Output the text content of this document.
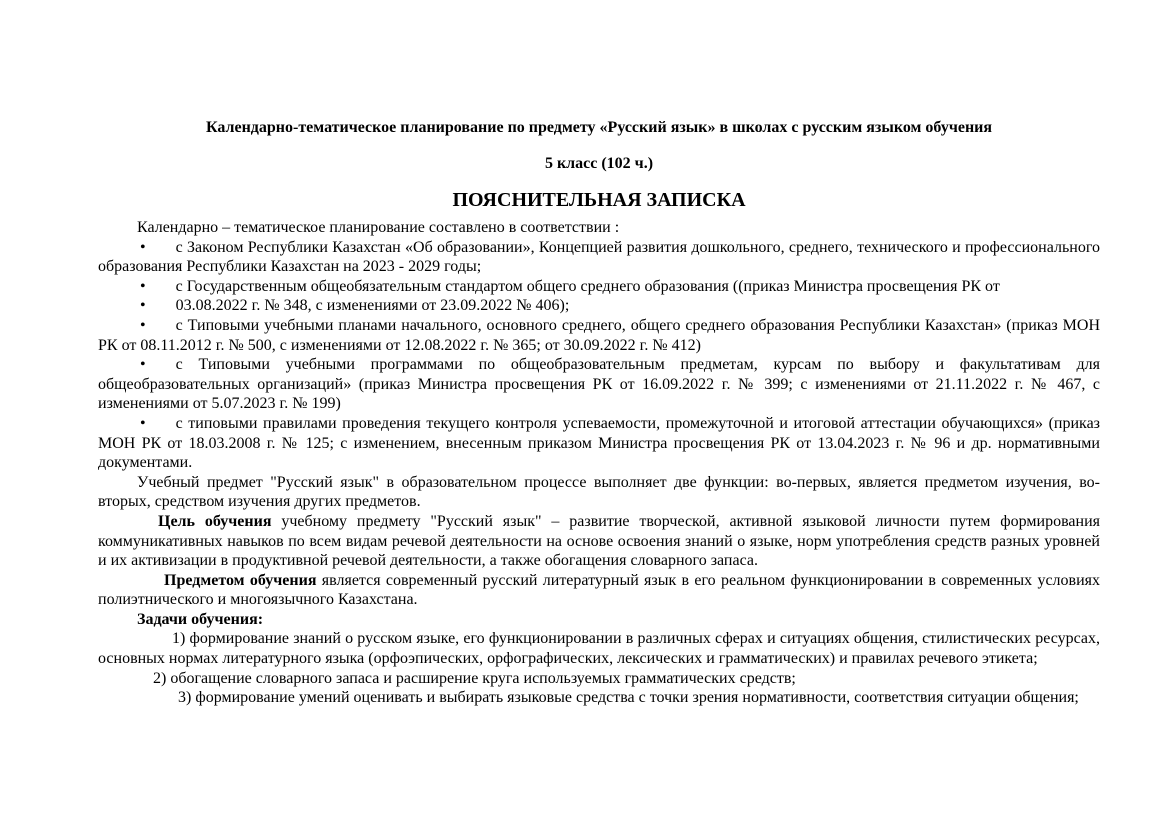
Календарно-тематическое планирование по предмету «Русский язык» в школах с русским языком обучения
5 класс (102 ч.)
ПОЯСНИТЕЛЬНАЯ ЗАПИСКА

Календарно – тематическое планирование составлено в соответствии :

• с Законом Республики Казахстан «Об образовании», Концепцией развития дошкольного, среднего, технического и профессионального образования Республики Казахстан на 2023 - 2029 годы;

• с Государственным общеобязательным стандартом общего среднего образования ((приказ Министра просвещения РК от

• 03.08.2022 г. № 348, с изменениями от 23.09.2022 № 406);

• с Типовыми учебными планами начального, основного среднего, общего среднего образования Республики Казахстан» (приказ МОН РК от 08.11.2012 г. № 500, с изменениями от 12.08.2022 г. № 365; от 30.09.2022 г. № 412)

• с Типовыми учебными программами по общеобразовательным предметам, курсам по выбору и факультативам для общеобразовательных организаций» (приказ Министра просвещения РК от 16.09.2022 г. № 399; с изменениями от 21.11.2022 г. № 467, с изменениями от 5.07.2023 г. № 199)

• с типовыми правилами проведения текущего контроля успеваемости, промежуточной и итоговой аттестации обучающихся» (приказ МОН РК от 18.03.2008 г. № 125; с изменением, внесенным приказом Министра просвещения РК от 13.04.2023 г. № 96 и др. нормативными документами.

Учебный предмет "Русский язык" в образовательном процессе выполняет две функции: во-первых, является предметом изучения, во-вторых, средством изучения других предметов.

Цель обучения учебному предмету "Русский язык" – развитие творческой, активной языковой личности путем формирования коммуникативных навыков по всем видам речевой деятельности на основе освоения знаний о языке, норм употребления средств разных уровней и их активизации в продуктивной речевой деятельности, а также обогащения словарного запаса.

Предметом обучения является современный русский литературный язык в его реальном функционировании в современных условиях полиэтнического и многоязычного Казахстана.

Задачи обучения:

1) формирование знаний о русском языке, его функционировании в различных сферах и ситуациях общения, стилистических ресурсах, основных нормах литературного языка (орфоэпических, орфографических, лексических и грамматических) и правилах речевого этикета;

2) обогащение словарного запаса и расширение круга используемых грамматических средств;

3) формирование умений оценивать и выбирать языковые средства с точки зрения нормативности, соответствия ситуации общения;
